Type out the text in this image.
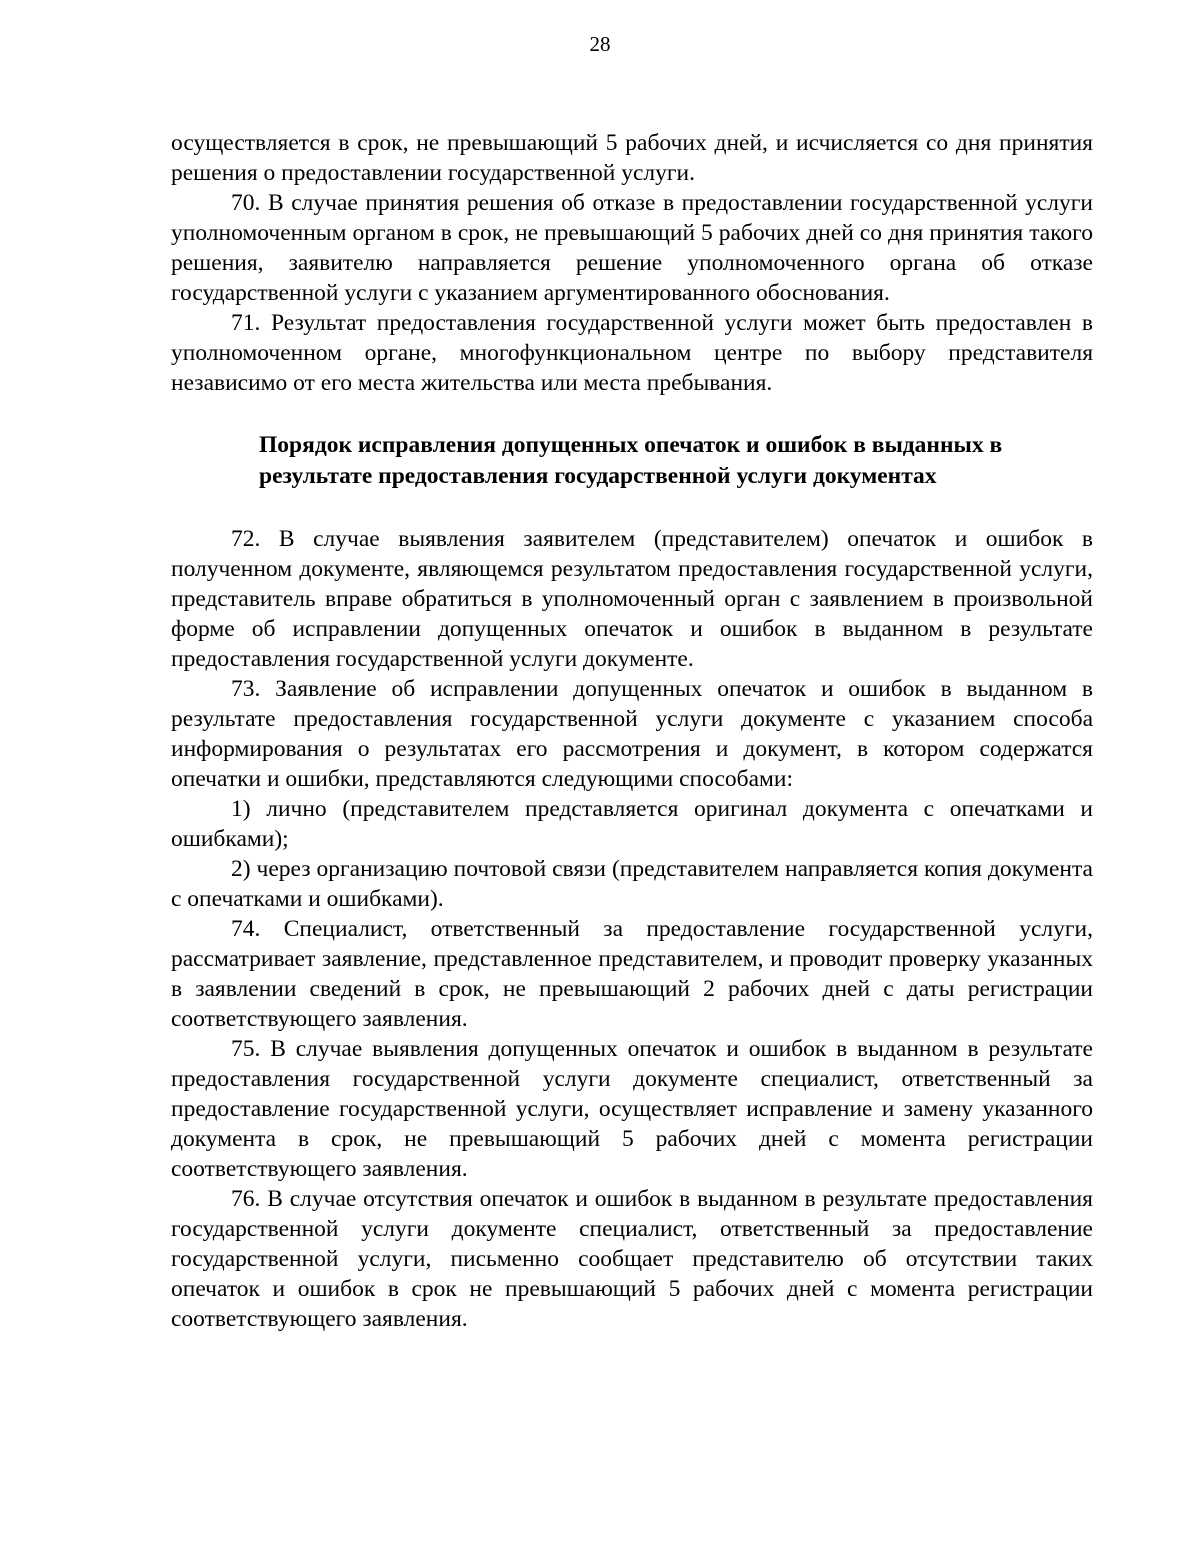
28

осуществляется в срок, не превышающий 5 рабочих дней, и исчисляется со дня принятия решения о предоставлении государственной услуги.

70. В случае принятия решения об отказе в предоставлении государственной услуги уполномоченным органом в срок, не превышающий 5 рабочих дней со дня принятия такого решения, заявителю направляется решение уполномоченного органа об отказе государственной услуги с указанием аргументированного обоснования.

71. Результат предоставления государственной услуги может быть предоставлен в уполномоченном органе, многофункциональном центре по выбору представителя независимо от его места жительства или места пребывания.

Порядок исправления допущенных опечаток и ошибок в выданных в результате предоставления государственной услуги документах

72. В случае выявления заявителем (представителем) опечаток и ошибок в полученном документе, являющемся результатом предоставления государственной услуги, представитель вправе обратиться в уполномоченный орган с заявлением в произвольной форме об исправлении допущенных опечаток и ошибок в выданном в результате предоставления государственной услуги документе.

73. Заявление об исправлении допущенных опечаток и ошибок в выданном в результате предоставления государственной услуги документе с указанием способа информирования о результатах его рассмотрения и документ, в котором содержатся опечатки и ошибки, представляются следующими способами:

1) лично (представителем представляется оригинал документа с опечатками и ошибками);

2) через организацию почтовой связи (представителем направляется копия документа с опечатками и ошибками).

74. Специалист, ответственный за предоставление государственной услуги, рассматривает заявление, представленное представителем, и проводит проверку указанных в заявлении сведений в срок, не превышающий 2 рабочих дней с даты регистрации соответствующего заявления.

75. В случае выявления допущенных опечаток и ошибок в выданном в результате предоставления государственной услуги документе специалист, ответственный за предоставление государственной услуги, осуществляет исправление и замену указанного документа в срок, не превышающий 5 рабочих дней с момента регистрации соответствующего заявления.

76. В случае отсутствия опечаток и ошибок в выданном в результате предоставления государственной услуги документе специалист, ответственный за предоставление государственной услуги, письменно сообщает представителю об отсутствии таких опечаток и ошибок в срок не превышающий 5 рабочих дней с момента регистрации соответствующего заявления.
